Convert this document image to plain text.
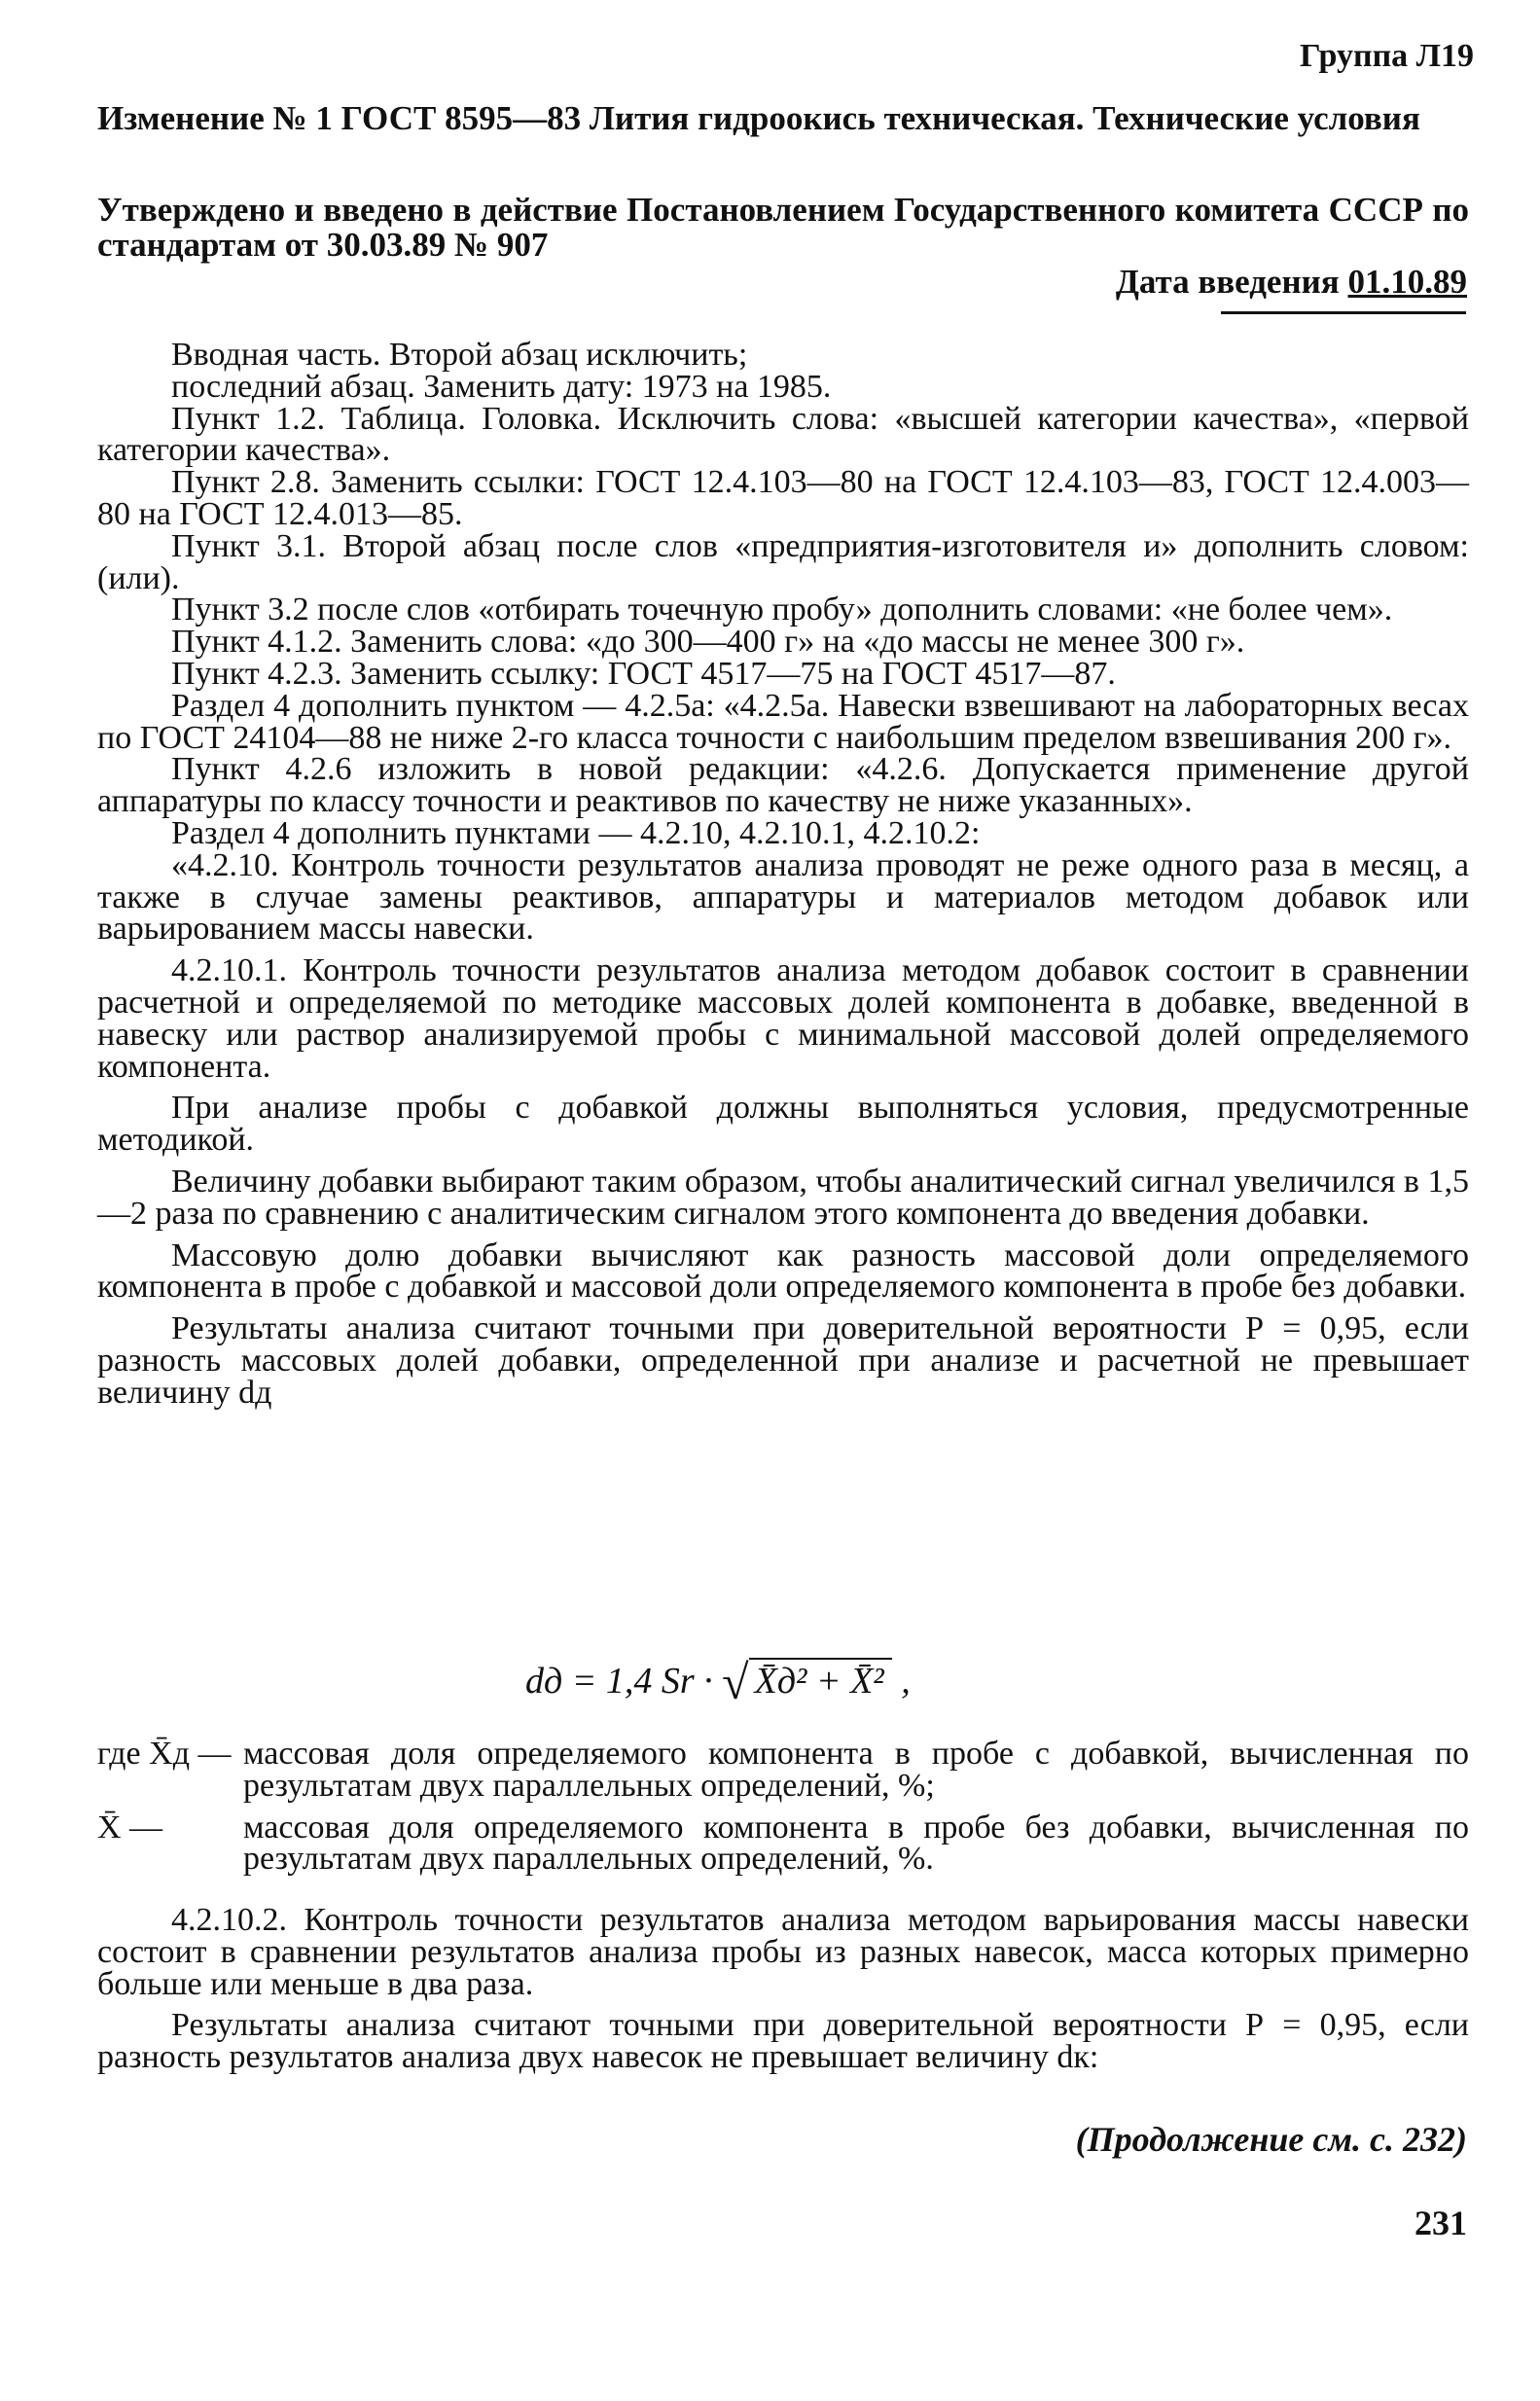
Группа Л19
Изменение № 1 ГОСТ 8595—83 Лития гидроокись техническая. Технические условия
Утверждено и введено в действие Постановлением Государственного комитета СССР по стандартам от 30.03.89 № 907
Дата введения 01.10.89

Вводная часть. Второй абзац исключить;

последний абзац. Заменить дату: 1973 на 1985.

Пункт 1.2. Таблица. Головка. Исключить слова: «высшей категории качества», «первой категории качества».

Пункт 2.8. Заменить ссылки: ГОСТ 12.4.103—80 на ГОСТ 12.4.103—83, ГОСТ 12.4.003—80 на ГОСТ 12.4.013—85.

Пункт 3.1. Второй абзац после слов «предприятия-изготовителя и» дополнить словом: (или).

Пункт 3.2 после слов «отбирать точечную пробу» дополнить словами: «не более чем».

Пункт 4.1.2. Заменить слова: «до 300—400 г» на «до массы не менее 300 г».

Пункт 4.2.3. Заменить ссылку: ГОСТ 4517—75 на ГОСТ 4517—87.

Раздел 4 дополнить пунктом — 4.2.5а: «4.2.5а. Навески взвешивают на лабораторных весах по ГОСТ 24104—88 не ниже 2-го класса точности с наибольшим пределом взвешивания 200 г».

Пункт 4.2.6 изложить в новой редакции: «4.2.6. Допускается применение другой аппаратуры по классу точности и реактивов по качеству не ниже указанных».

Раздел 4 дополнить пунктами — 4.2.10, 4.2.10.1, 4.2.10.2:

«4.2.10. Контроль точности результатов анализа проводят не реже одного раза в месяц, а также в случае замены реактивов, аппаратуры и материалов методом добавок или варьированием массы навески.

4.2.10.1. Контроль точности результатов анализа методом добавок состоит в сравнении расчетной и определяемой по методике массовых долей компонента в добавке, введенной в навеску или раствор анализируемой пробы с минимальной массовой долей определяемого компонента.

При анализе пробы с добавкой должны выполняться условия, предусмотренные методикой.

Величину добавки выбирают таким образом, чтобы аналитический сигнал увеличился в 1,5—2 раза по сравнению с аналитическим сигналом этого компонента до введения добавки.

Массовую долю добавки вычисляют как разность массовой доли определяемого компонента в пробе с добавкой и массовой доли определяемого компонента в пробе без добавки.

Результаты анализа считают точными при доверительной вероятности Р = 0,95, если разность массовых долей добавки, определенной при анализе и расчетной не превышает величину dд

dд = 1,4 Sr · √ X̄д² + X̄² ,
где X̄д — массовая доля определяемого компонента в пробе с добавкой, вычисленная по результатам двух параллельных определений, %;
X̄ —	массовая доля определяемого компонента в пробе без добавки, вычисленная по результатам двух параллельных определений, %.

4.2.10.2. Контроль точности результатов анализа методом варьирования массы навески состоит в сравнении результатов анализа пробы из разных навесок, масса которых примерно больше или меньше в два раза.

Результаты анализа считают точными при доверительной вероятности Р = 0,95, если разность результатов анализа двух навесок не превышает величину dк:

(Продолжение см. с. 232)
231
